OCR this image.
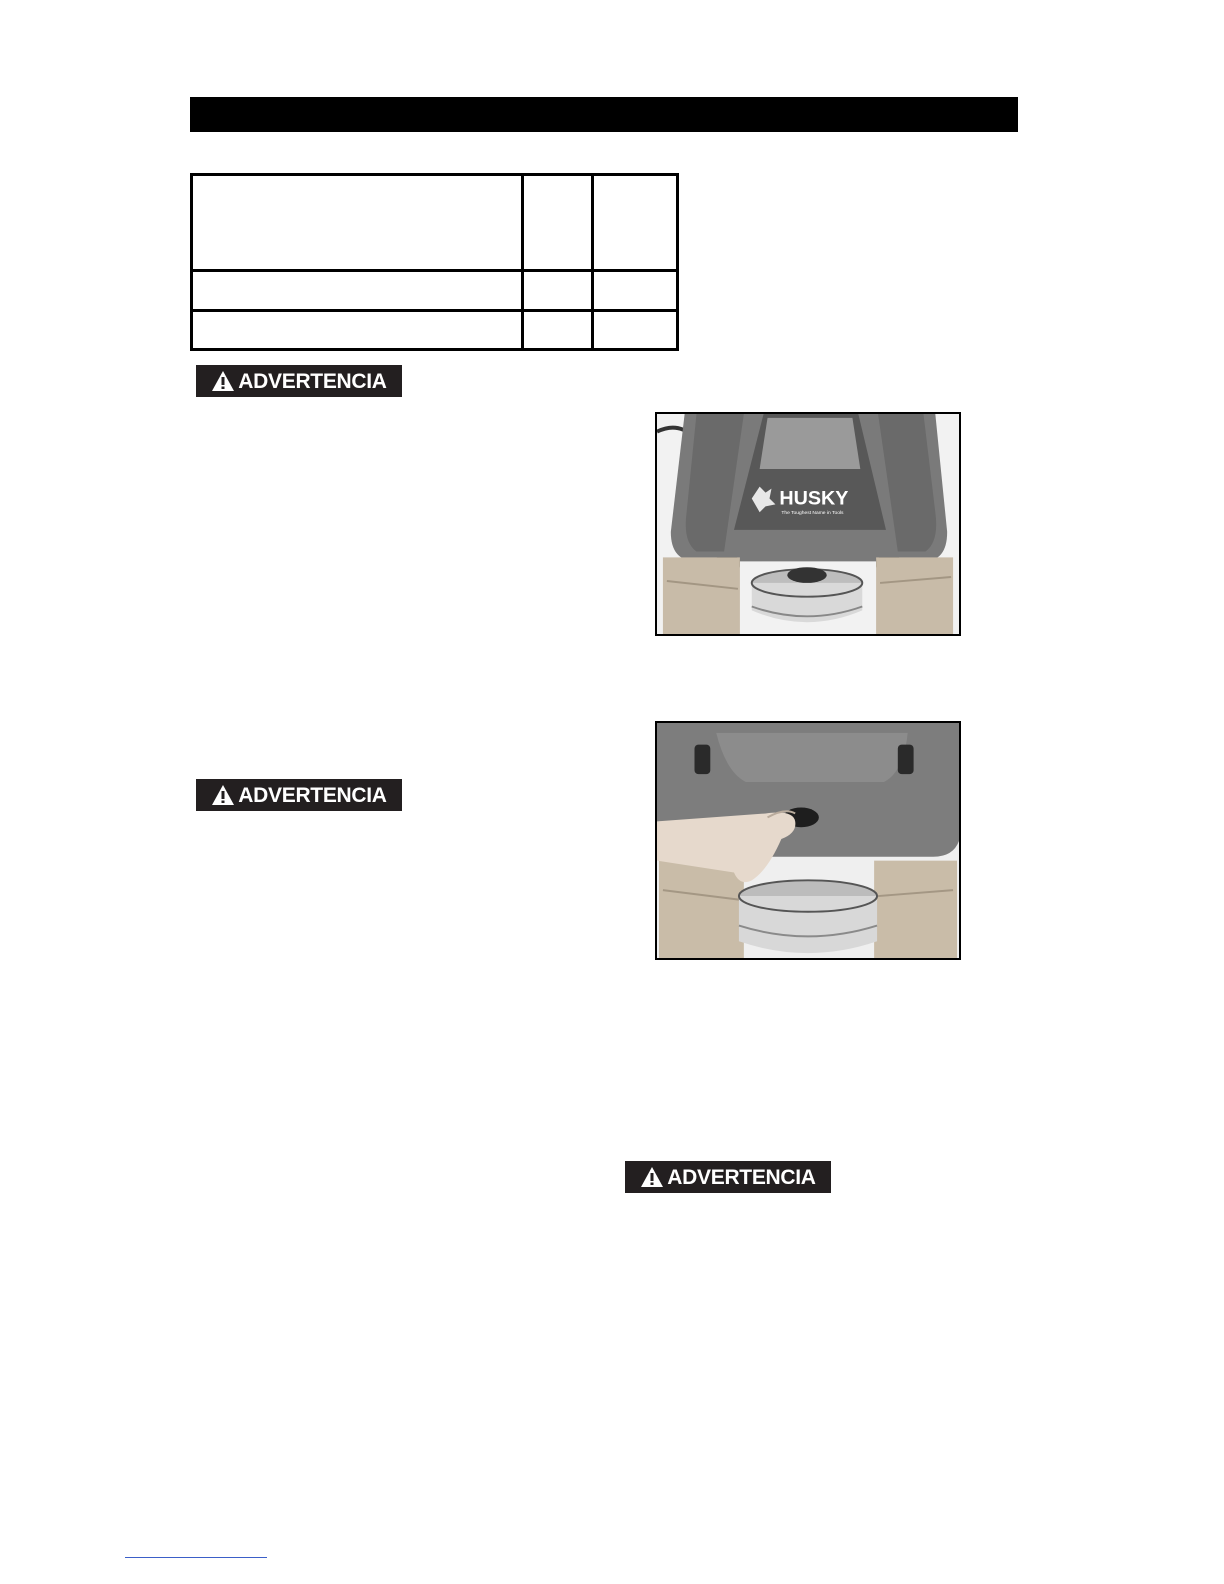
ADVERTENCIA
ADVERTENCIA
ADVERTENCIA
HUSKY
The Toughest Name in Tools
